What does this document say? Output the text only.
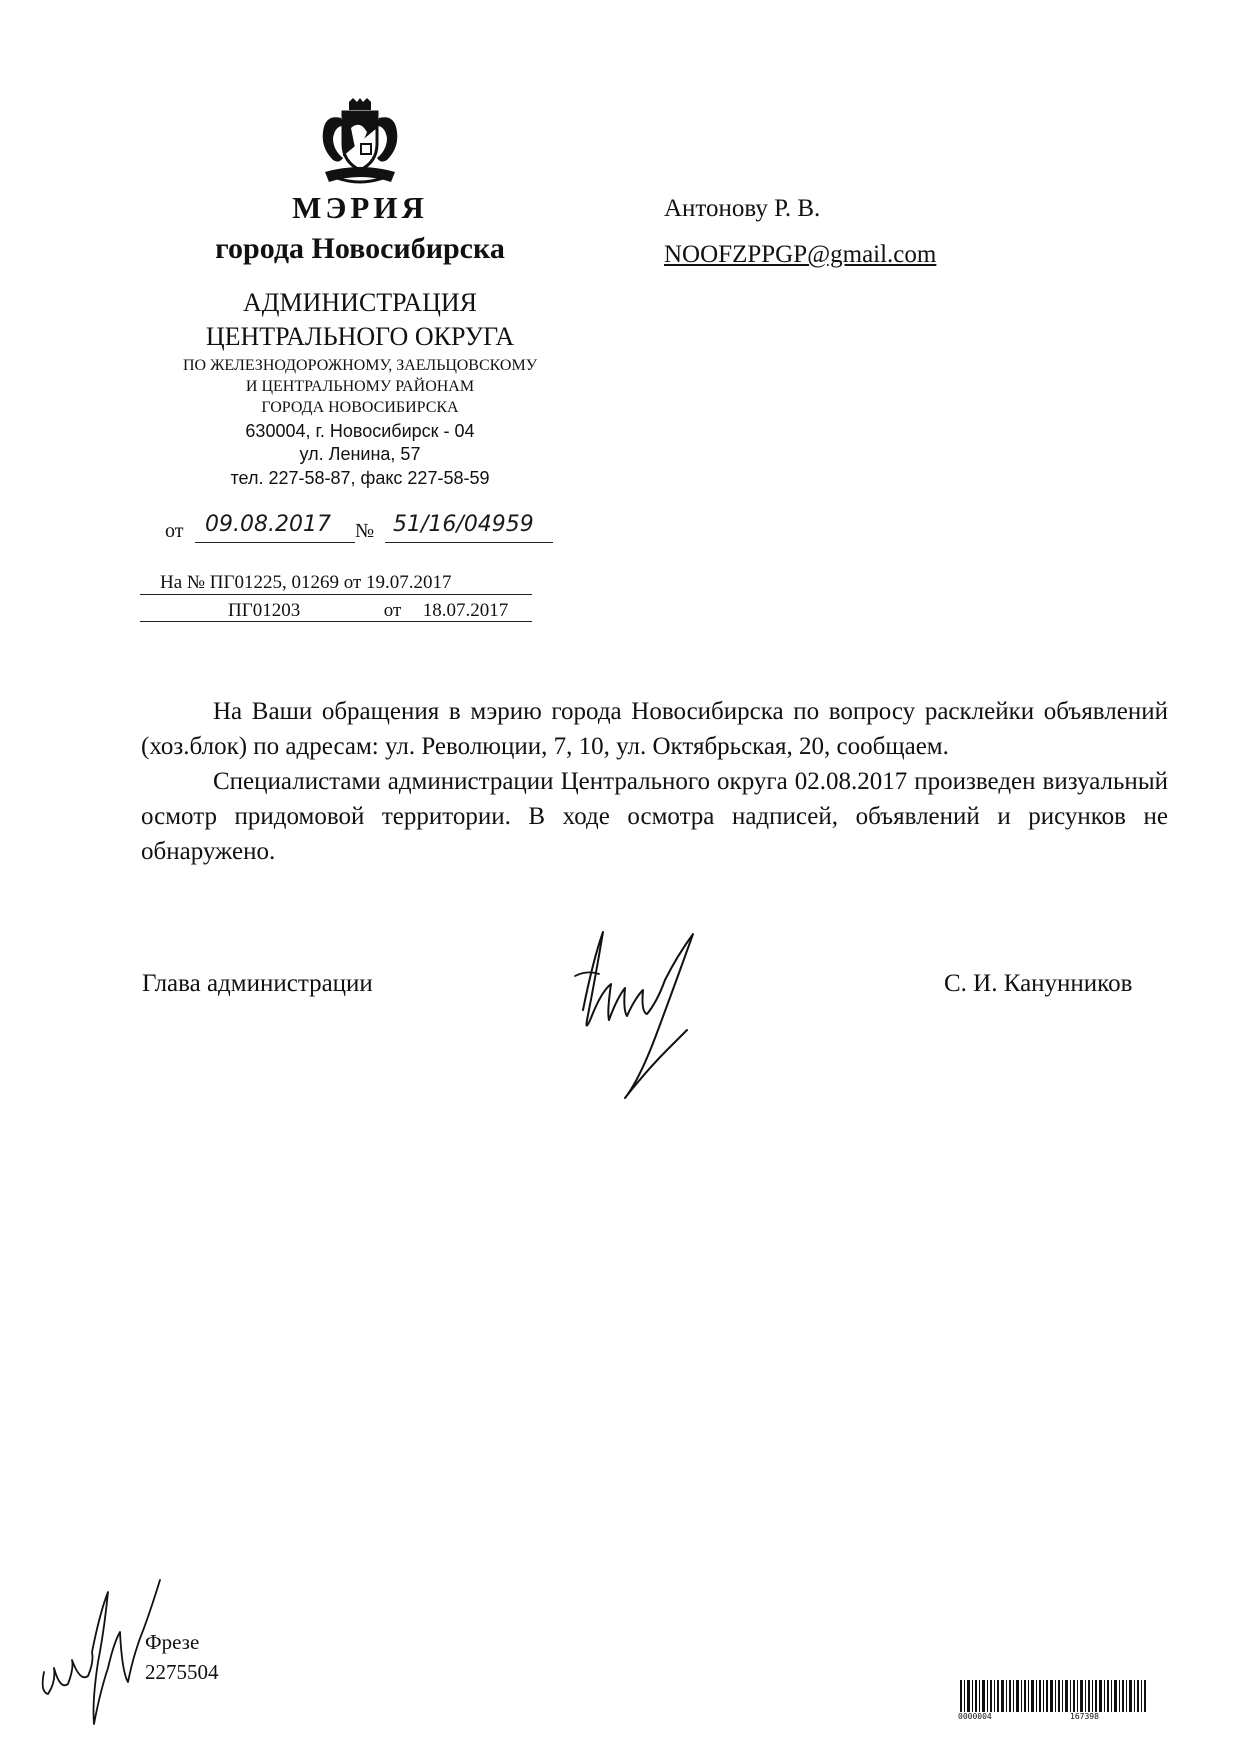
МЭРИЯ
города Новосибирска
АДМИНИСТРАЦИЯ
ЦЕНТРАЛЬНОГО ОКРУГА
ПО ЖЕЛЕЗНОДОРОЖНОМУ, ЗАЕЛЬЦОВСКОМУ
И ЦЕНТРАЛЬНОМУ РАЙОНАМ
ГОРОДА НОВОСИБИРСКА
630004, г. Новосибирск - 04
ул. Ленина, 57
тел. 227-58-87, факс 227-58-59
от 09.08.2017 № 51/16/04959
На № ПГ01225, 01269 от 19.07.2017
ПГ01203	от 18.07.2017
Антонову Р. В.
NOOFZPPGP@gmail.com

На Ваши обращения в мэрию города Новосибирска по вопросу расклейки объявлений (хоз.блок) по адресам: ул. Революции, 7, 10, ул. Октябрьская, 20, сообщаем.

Специалистами администрации Центрального округа 02.08.2017 произведен визуальный осмотр придомовой территории. В ходе осмотра надписей, объявлений и рисунков не обнаружено.

Глава администрации	С. И. Канунников
Фрезе
2275504
0000004	167398
